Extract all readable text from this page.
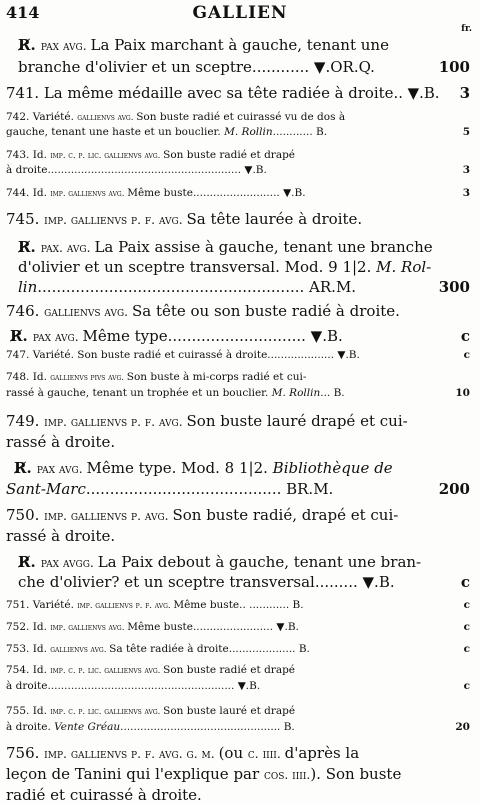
414	GALLIEN
fr.
R̸. pax avg. La Paix marchant à gauche, tenant une
branche d'olivier et un sceptre............ ▼.OR.Q.	100
741. La même médaille avec sa tête radiée à droite.. ▼.B. 3
742. Variété. gallienvs avg. Son buste radié et cuirassé vu de dos à
gauche, tenant une haste et un bouclier. M. Rollin............ B.	5
743. Id. imp. c. p. lic. gallienvs avg. Son buste radié et drapé
à droite.......................................................... ▼.B.	3
744. Id. imp. gallienvs avg. Même buste.......................... ▼.B.	3
745. imp. gallienvs p. f. avg. Sa tête laurée à droite.
R̸. pax. avg. La Paix assise à gauche, tenant une branche
d'olivier et un sceptre transversal. Mod. 9 1|2. M. Rol-
lin........................................................ AR.M.	300
746. gallienvs avg. Sa tête ou son buste radié à droite.
R̸. pax avg. Même type............................. ▼.B.	c
747. Variété. Son buste radié et cuirassé à droite.................... ▼.B.	c
748. Id. gallienvs pivs avg. Son buste à mi-corps radié et cui-
rassé à gauche, tenant un trophée et un bouclier. M. Rollin... B.	10
749. imp. gallienvs p. f. avg. Son buste lauré drapé et cui-
rassé à droite.
R̸. pax avg. Même type. Mod. 8 1|2. Bibliothèque de
Sant-Marc......................................... BR.M.	200
750. imp. gallienvs p. avg. Son buste radié, drapé et cui-
rassé à droite.
R̸. pax avgg. La Paix debout à gauche, tenant une bran-
che d'olivier? et un sceptre transversal......... ▼.B.	c
751. Variété. imp. gallienvs p. f. avg. Même buste.. ............ B.	c
752. Id. imp. gallienvs avg. Même buste........................ ▼.B.	c
753. Id. gallienvs avg. Sa tête radiée à droite.................... B.	c
754. Id. imp. c. p. lic. gallienvs avg. Son buste radié et drapé
à droite........................................................ ▼.B.	c
755. Id. imp. c. p. lic. gallienvs avg. Son buste lauré et drapé
à droite. Vente Gréau................................................ B.	20
756. imp. gallienvs p. f. avg. g. m. (ou c. iiii. d'après la
leçon de Tanini qui l'explique par cos. iiii.). Son buste
radié et cuirassé à droite.
